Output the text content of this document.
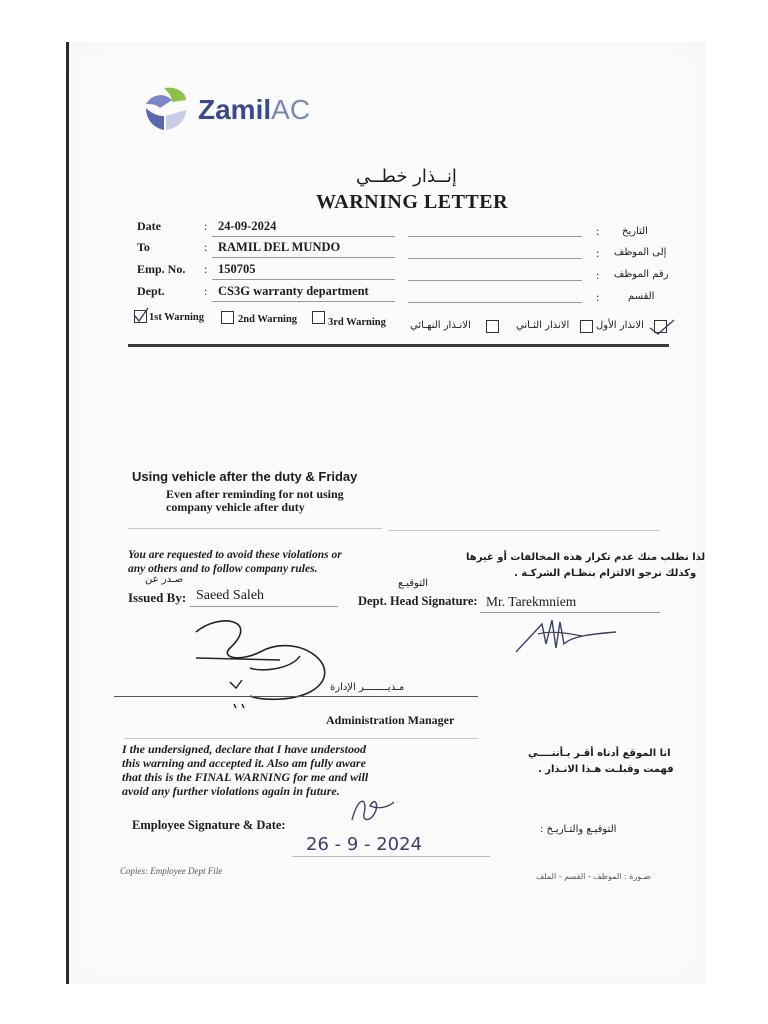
ZamilAC
إنــذار خطــي
WARNING LETTER
Date	: 24-09-2024	: التاريخ
To	: RAMIL DEL MUNDO	: إلى الموظف
Emp. No. : 150705	: رقم الموظف
Dept.	: CS3G warranty department	:	القسم
1st Warning	2nd Warning	3rd Warning الانـذار النهـائي	الانذار الثـاني	الانذار الأول
Using vehicle after the duty & Friday
Even after reminding for not using
company vehicle after duty
You are requested to avoid these violations or
any others and to follow company rules.
لذا نطلب منك عدم تكرار هذه المخالفات أو غيرها
وكذلك نرجو الالتزام بنظـام الشركـة .
صـدر عن
Issued By: Saeed Saleh
التوقيـع
Dept. Head Signature: Mr. Tarekmniem
مـديــــــــر الإدارة
Administration Manager
I the undersigned, declare that I have understood
this warning and accepted it. Also am fully aware
that this is the FINAL WARNING for me and will
avoid any further violations again in future.
انا الموقع أدناه أقـر بـأننــــي
فهمت وقبلـت هـذا الانـذار .
Employee Signature & Date:
26 - 9 - 2024
التوقيـع والتـاريـخ :
Copies: Employee Dept File
صـورة : الموظف - القسم - الملف
